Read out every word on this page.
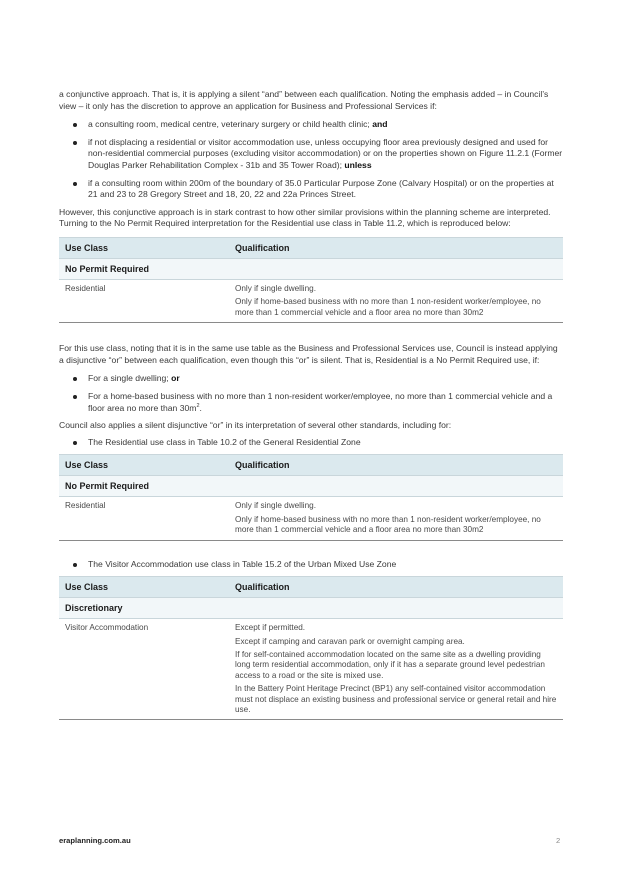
a conjunctive approach. That is, it is applying a silent “and” between each qualification. Noting the emphasis added – in Council’s view – it only has the discretion to approve an application for Business and Professional Services if:

a consulting room, medical centre, veterinary surgery or child health clinic; and
if not displacing a residential or visitor accommodation use, unless occupying floor area previously designed and used for non-residential commercial purposes (excluding visitor accommodation) or on the properties shown on Figure 11.2.1 (Former Douglas Parker Rehabilitation Complex - 31b and 35 Tower Road); unless
if a consulting room within 200m of the boundary of 35.0 Particular Purpose Zone (Calvary Hospital) or on the properties at 21 and 23 to 28 Gregory Street and 18, 20, 22 and 22a Princes Street.

However, this conjunctive approach is in stark contrast to how other similar provisions within the planning scheme are interpreted. Turning to the No Permit Required interpretation for the Residential use class in Table 11.2, which is reproduced below:

Use Class	Qualification
No Permit Required	
Residential	Only if single dwelling.
Only if home-based business with no more than 1 non-resident worker/employee, no more than 1 commercial vehicle and a floor area no more than 30m2

For this use class, noting that it is in the same use table as the Business and Professional Services use, Council is instead applying a disjunctive “or” between each qualification, even though this “or” is silent. That is, Residential is a No Permit Required use, if:

For a single dwelling; or
For a home-based business with no more than 1 non-resident worker/employee, no more than 1 commercial vehicle and a floor area no more than $30m^2$.

Council also applies a silent disjunctive “or” in its interpretation of several other standards, including for:

The Residential use class in Table 10.2 of the General Residential Zone
Use Class	Qualification
No Permit Required	
Residential	Only if single dwelling.
Only if home-based business with no more than 1 non-resident worker/employee, no more than 1 commercial vehicle and a floor area no more than 30m2
The Visitor Accommodation use class in Table 15.2 of the Urban Mixed Use Zone
Use Class	Qualification
Discretionary	
Visitor Accommodation	Except if permitted.
Except if camping and caravan park or overnight camping area.
If for self-contained accommodation located on the same site as a dwelling providing long term residential accommodation, only if it has a separate ground level pedestrian access to a road or the site is mixed use.
In the Battery Point Heritage Precinct (BP1) any self-contained visitor accommodation must not displace an existing business and professional service or general retail and hire use.
eraplanning.com.au	2
